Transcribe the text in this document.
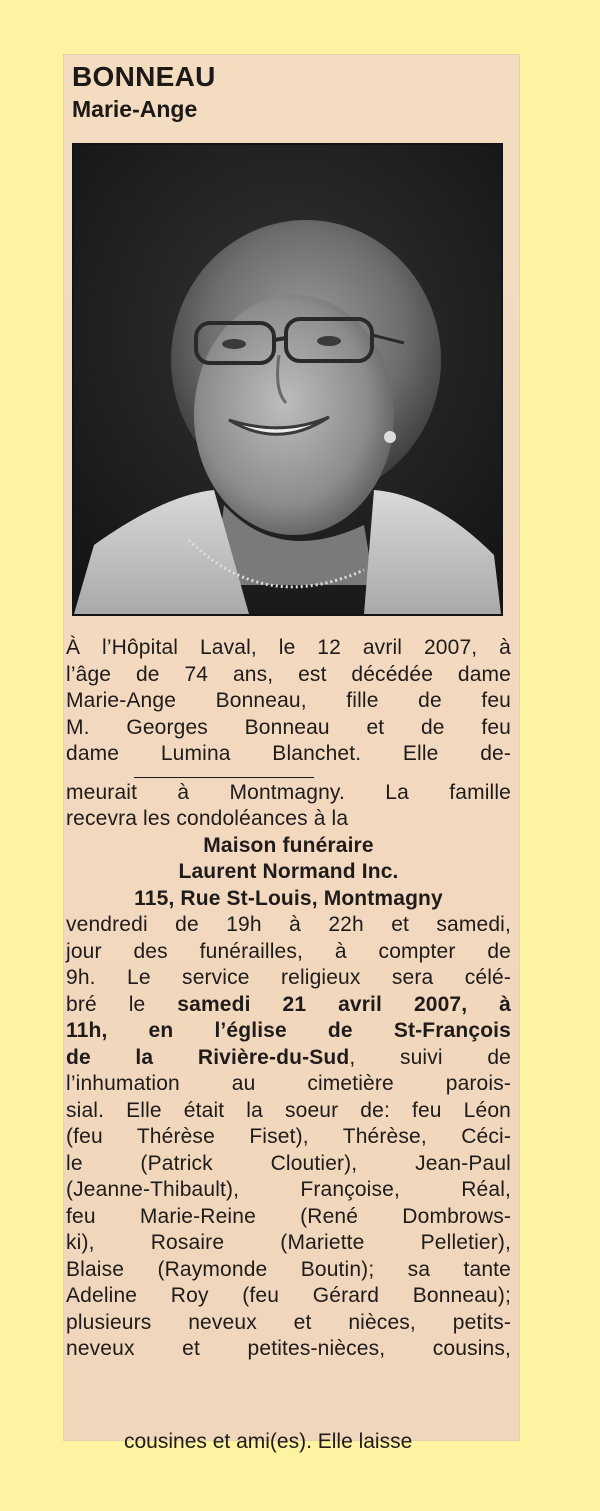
BONNEAU
Marie-Ange
À l’Hôpital Laval, le 12 avril 2007, à
l’âge de 74 ans, est décédée dame
Marie-Ange Bonneau, fille de feu
M. Georges Bonneau et de feu
dame Lumina Blanchet. Elle de-
meurait à Montmagny. La famille
recevra les condoléances à la
Maison funéraire
Laurent Normand Inc.
115, Rue St-Louis, Montmagny
vendredi de 19h à 22h et samedi,
jour des funérailles, à compter de
9h. Le service religieux sera célé-
bré le samedi 21 avril 2007, à
11h, en l’église de St-François
de la Rivière-du-Sud, suivi de
l’inhumation au cimetière parois-
sial. Elle était la soeur de: feu Léon
(feu Thérèse Fiset), Thérèse, Céci-
le (Patrick Cloutier), Jean-Paul
(Jeanne-Thibault), Françoise, Réal,
feu Marie-Reine (René Dombrows-
ki), Rosaire (Mariette Pelletier),
Blaise (Raymonde Boutin); sa tante
Adeline Roy (feu Gérard Bonneau);
plusieurs neveux et nièces, petits-
neveux et petites-nièces, cousins,
cousines et ami(es). Elle laisse
